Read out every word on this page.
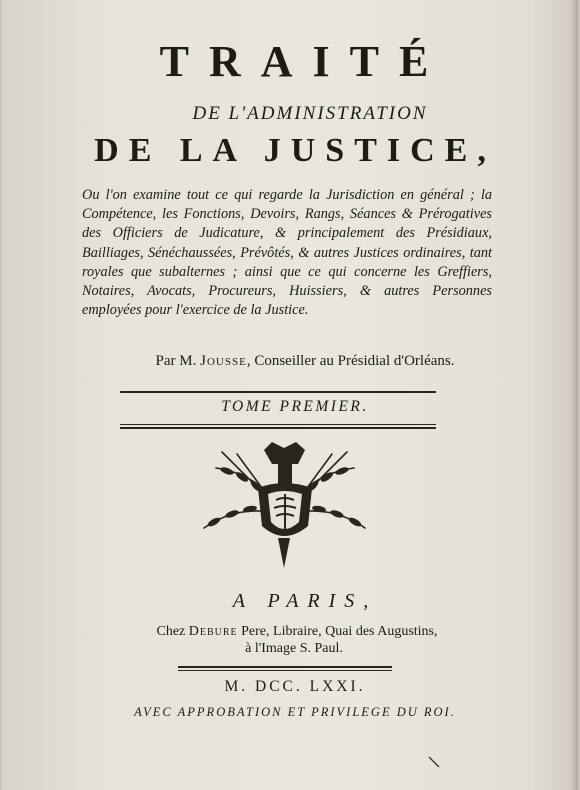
TRAITÉ
DE L'ADMINISTRATION
DE LA JUSTICE,
Ou l'on examine tout ce qui regarde la Jurisdiction en général ; la Compétence, les Fonctions, Devoirs, Rangs, Séances & Prérogatives des Officiers de Judicature, & principalement des Présidiaux, Bailliages, Sénéchaussées, Prévôtés, & autres Justices ordinaires, tant royales que subalternes ; ainsi que ce qui concerne les Greffiers, Notaires, Avocats, Procureurs, Huissiers, & autres Personnes employées pour l'exercice de la Justice.
Par M. Jousse, Conseiller au Présidial d'Orléans.
TOME PREMIER.
A PARIS,
Chez Debure Pere, Libraire, Quai des Augustins,
à l'Image S. Paul.
M. DCC. LXXI.
AVEC APPROBATION ET PRIVILEGE DU ROI.
